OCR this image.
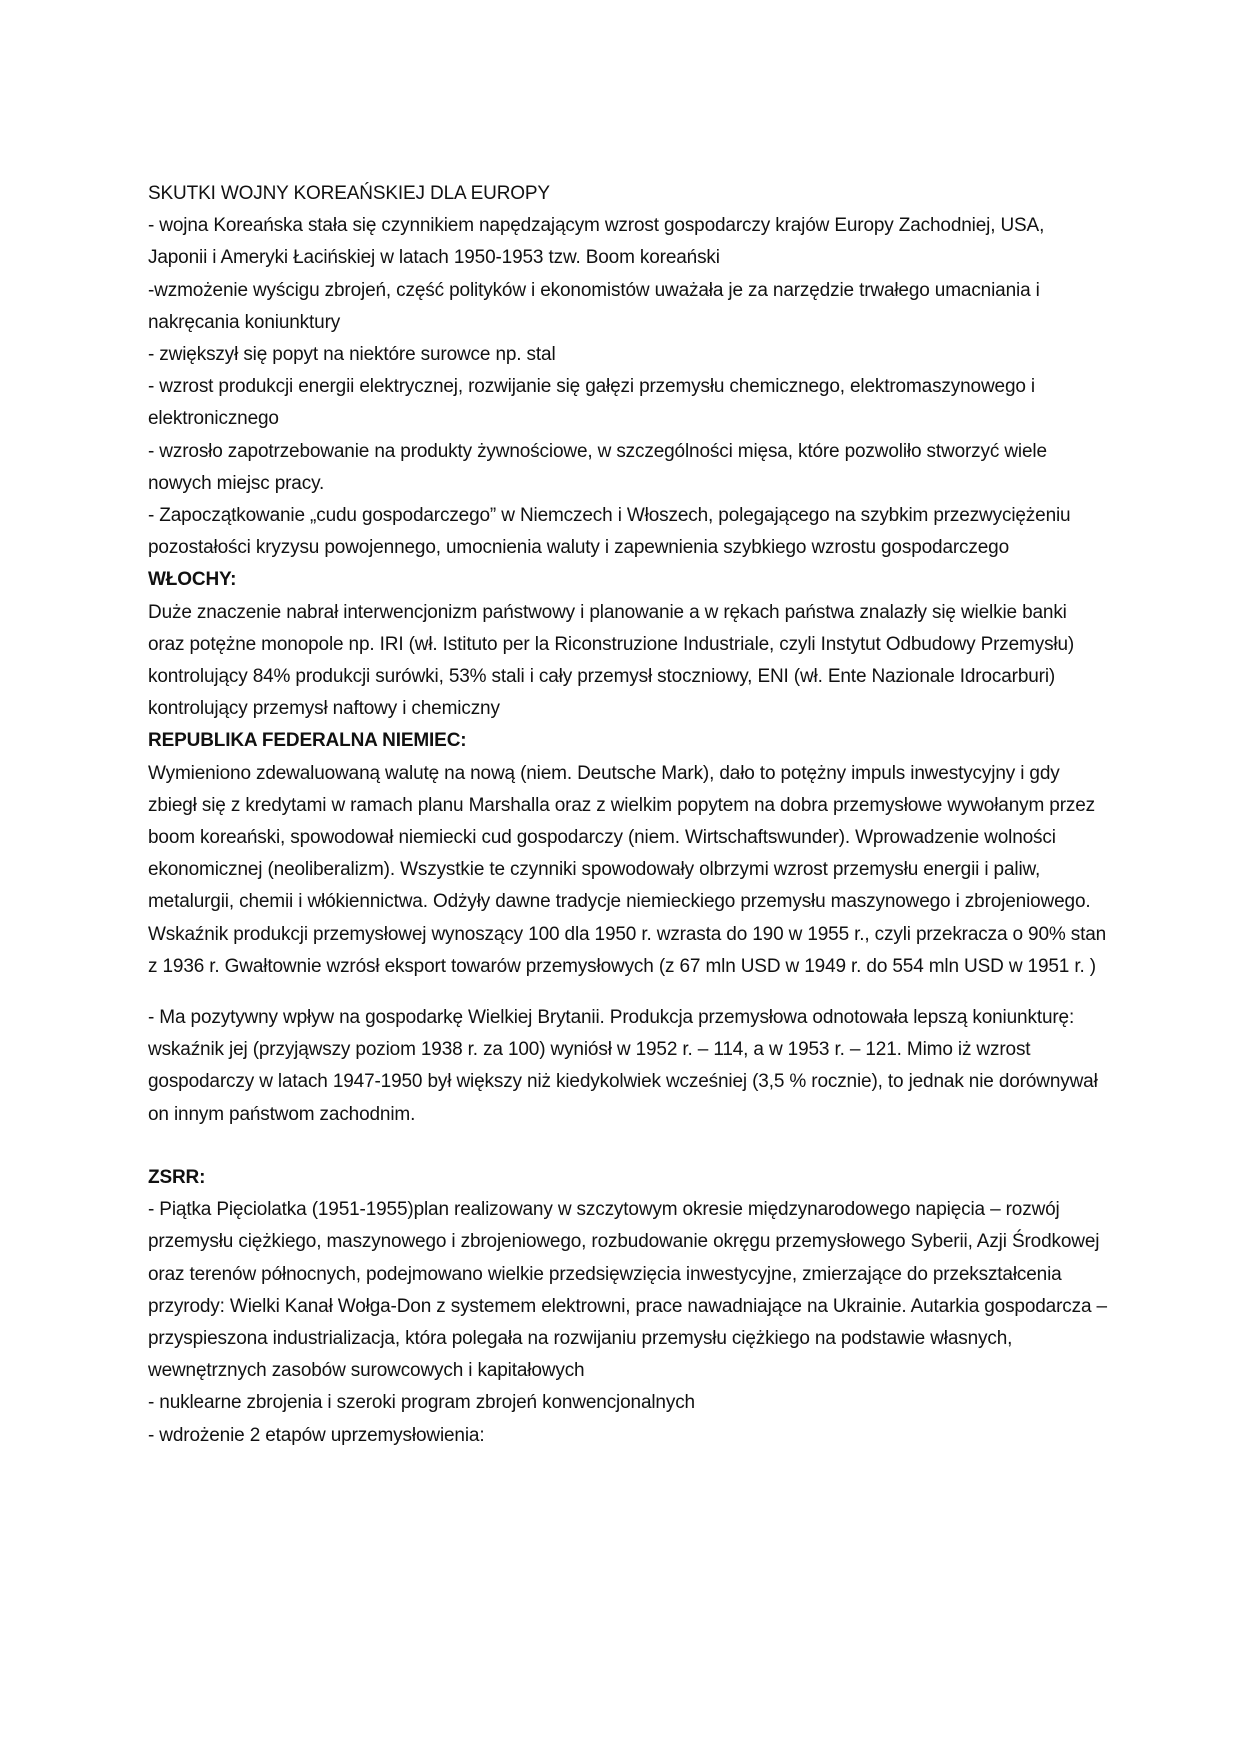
SKUTKI WOJNY KOREAŃSKIEJ DLA EUROPY

- wojna Koreańska stała się czynnikiem napędzającym wzrost gospodarczy krajów Europy Zachodniej, USA, Japonii i Ameryki Łacińskiej w latach 1950-1953 tzw. Boom koreański

-wzmożenie wyścigu zbrojeń, część polityków i ekonomistów uważała je za narzędzie trwałego umacniania i nakręcania koniunktury

- zwiększył się popyt na niektóre surowce np. stal

- wzrost produkcji energii elektrycznej, rozwijanie się gałęzi przemysłu chemicznego, elektromaszynowego i elektronicznego

- wzrosło zapotrzebowanie na produkty żywnościowe, w szczególności mięsa, które pozwoliło stworzyć wiele nowych miejsc pracy.

- Zapoczątkowanie „cudu gospodarczego” w Niemczech i Włoszech, polegającego na szybkim przezwyciężeniu pozostałości kryzysu powojennego, umocnienia waluty i zapewnienia szybkiego wzrostu gospodarczego

WŁOCHY:

Duże znaczenie nabrał interwencjonizm państwowy i planowanie a w rękach państwa znalazły się wielkie banki oraz potężne monopole np. IRI (wł. Istituto per la Riconstruzione Industriale, czyli Instytut Odbudowy Przemysłu) kontrolujący 84% produkcji surówki, 53% stali i cały przemysł stoczniowy, ENI (wł. Ente Nazionale Idrocarburi) kontrolujący przemysł naftowy i chemiczny

REPUBLIKA FEDERALNA NIEMIEC:

Wymieniono zdewaluowaną walutę na nową (niem. Deutsche Mark), dało to potężny impuls inwestycyjny i gdy zbiegł się z kredytami w ramach planu Marshalla oraz z wielkim popytem na dobra przemysłowe wywołanym przez boom koreański, spowodował niemiecki cud gospodarczy (niem. Wirtschaftswunder). Wprowadzenie wolności ekonomicznej (neoliberalizm). Wszystkie te czynniki spowodowały olbrzymi wzrost przemysłu energii i paliw, metalurgii, chemii i włókiennictwa. Odżyły dawne tradycje niemieckiego przemysłu maszynowego i zbrojeniowego. Wskaźnik produkcji przemysłowej wynoszący 100 dla 1950 r. wzrasta do 190 w 1955 r., czyli przekracza o 90% stan z 1936 r. Gwałtownie wzrósł eksport towarów przemysłowych (z 67 mln USD w 1949 r. do 554 mln USD w 1951 r. )

- Ma pozytywny wpływ na gospodarkę Wielkiej Brytanii. Produkcja przemysłowa odnotowała lepszą koniunkturę: wskaźnik jej (przyjąwszy poziom 1938 r. za 100) wyniósł w 1952 r. – 114, a w 1953 r. – 121. Mimo iż wzrost gospodarczy w latach 1947-1950 był większy niż kiedykolwiek wcześniej (3,5 % rocznie), to jednak nie dorównywał on innym państwom zachodnim.

ZSRR:

- Piątka Pięciolatka (1951-1955)plan realizowany w szczytowym okresie międzynarodowego napięcia – rozwój przemysłu ciężkiego, maszynowego i zbrojeniowego, rozbudowanie okręgu przemysłowego Syberii, Azji Środkowej oraz terenów północnych, podejmowano wielkie przedsięwzięcia inwestycyjne, zmierzające do przekształcenia przyrody: Wielki Kanał Wołga-Don z systemem elektrowni, prace nawadniające na Ukrainie. Autarkia gospodarcza – przyspieszona industrializacja, która polegała na rozwijaniu przemysłu ciężkiego na podstawie własnych, wewnętrznych zasobów surowcowych i kapitałowych

- nuklearne zbrojenia i szeroki program zbrojeń konwencjonalnych

- wdrożenie 2 etapów uprzemysłowienia:
